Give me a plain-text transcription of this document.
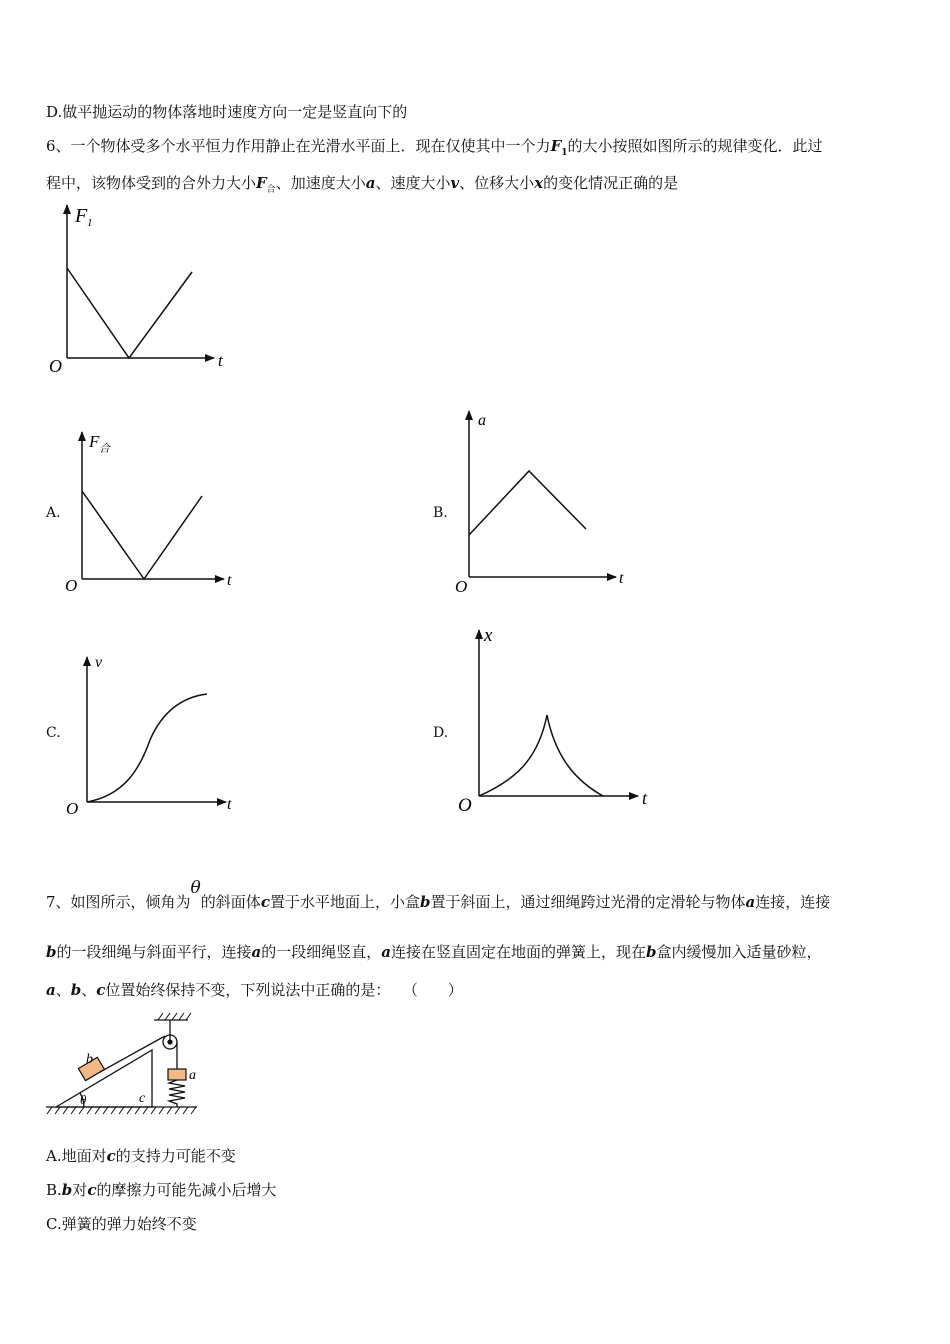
D.做平抛运动的物体落地时速度方向一定是竖直向下的
6、一个物体受多个水平恒力作用静止在光滑水平面上．现在仅使其中一个力$F_1$的大小按照如图所示的规律变化．此过
程中，该物体受到的合外力大小$F_合$、加速度大小a、速度大小v、位移大小x的变化情况正确的是
A.	B.
C.	D.
F 1
t
O
F 合
t
O
a
t
O
v
t
O
x
t
O
7、如图所示，倾角为θ的斜面体c置于水平地面上，小盒b置于斜面上，通过细绳跨过光滑的定滑轮与物体a连接，连接
b的一段细绳与斜面平行，连接a的一段细绳竖直，a连接在竖直固定在地面的弹簧上，现在b盒内缓慢加入适量砂粒，
a、b、c位置始终保持不变，下列说法中正确的是： （　　）
b
a
c
θ
A.地面对c的支持力可能不变
B.b对c的摩擦力可能先减小后增大
C.弹簧的弹力始终不变
